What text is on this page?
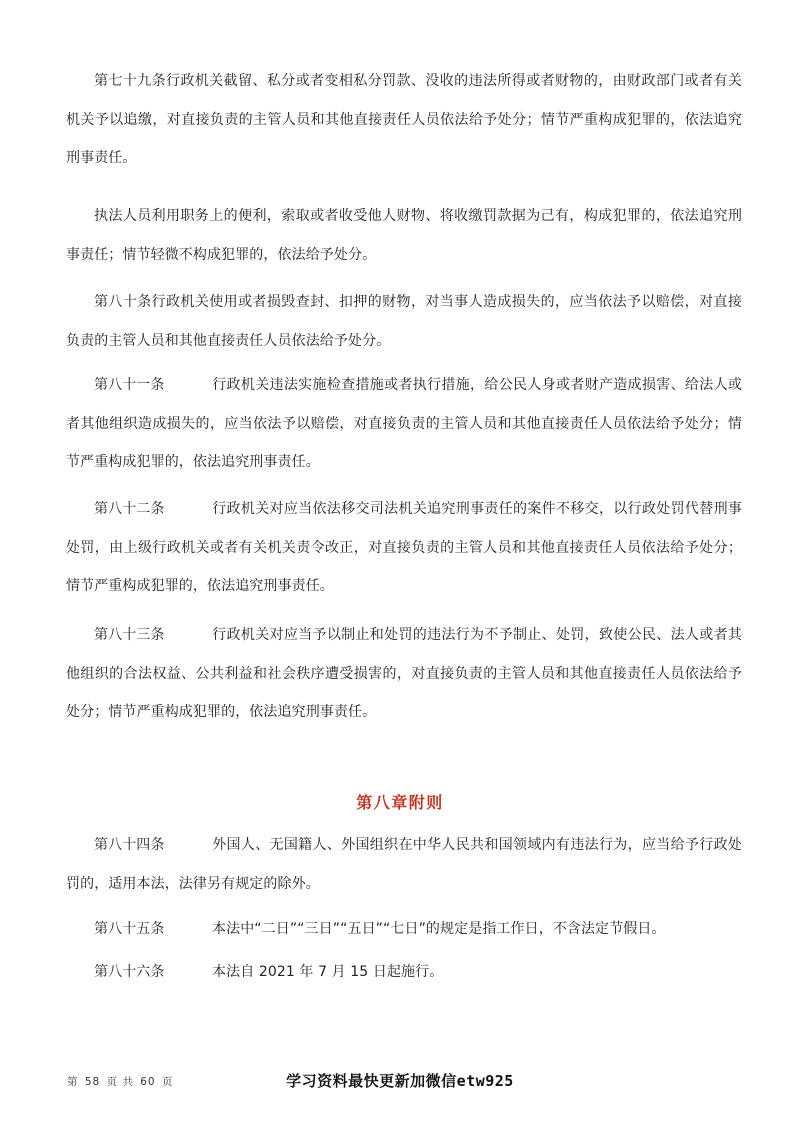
第七十九条行政机关截留、私分或者变相私分罚款、没收的违法所得或者财物的，由财政部门或者有关机关予以追缴，对直接负责的主管人员和其他直接责任人员依法给予处分；情节严重构成犯罪的，依法追究刑事责任。

执法人员利用职务上的便利，索取或者收受他人财物、将收缴罚款据为己有，构成犯罪的，依法追究刑事责任；情节轻微不构成犯罪的，依法给予处分。

第八十条行政机关使用或者损毁查封、扣押的财物，对当事人造成损失的，应当依法予以赔偿，对直接负责的主管人员和其他直接责任人员依法给予处分。

第八十一条	行政机关违法实施检查措施或者执行措施，给公民人身或者财产造成损害、给法人或者其他组织造成损失的，应当依法予以赔偿，对直接负责的主管人员和其他直接责任人员依法给予处分；情节严重构成犯罪的，依法追究刑事责任。

第八十二条	行政机关对应当依法移交司法机关追究刑事责任的案件不移交，以行政处罚代替刑事处罚，由上级行政机关或者有关机关责令改正，对直接负责的主管人员和其他直接责任人员依法给予处分；情节严重构成犯罪的，依法追究刑事责任。

第八十三条	行政机关对应当予以制止和处罚的违法行为不予制止、处罚，致使公民、法人或者其他组织的合法权益、公共利益和社会秩序遭受损害的，对直接负责的主管人员和其他直接责任人员依法给予处分；情节严重构成犯罪的，依法追究刑事责任。

第八章附则

第八十四条	外国人、无国籍人、外国组织在中华人民共和国领域内有违法行为，应当给予行政处罚的，适用本法，法律另有规定的除外。

第八十五条	本法中“二日”“三日”“五日”“七日”的规定是指工作日，不含法定节假日。

第八十六条	本法自 2021 年 7 月 15 日起施行。

第 58 页 共 60 页	学习资料最快更新加微信etw925
